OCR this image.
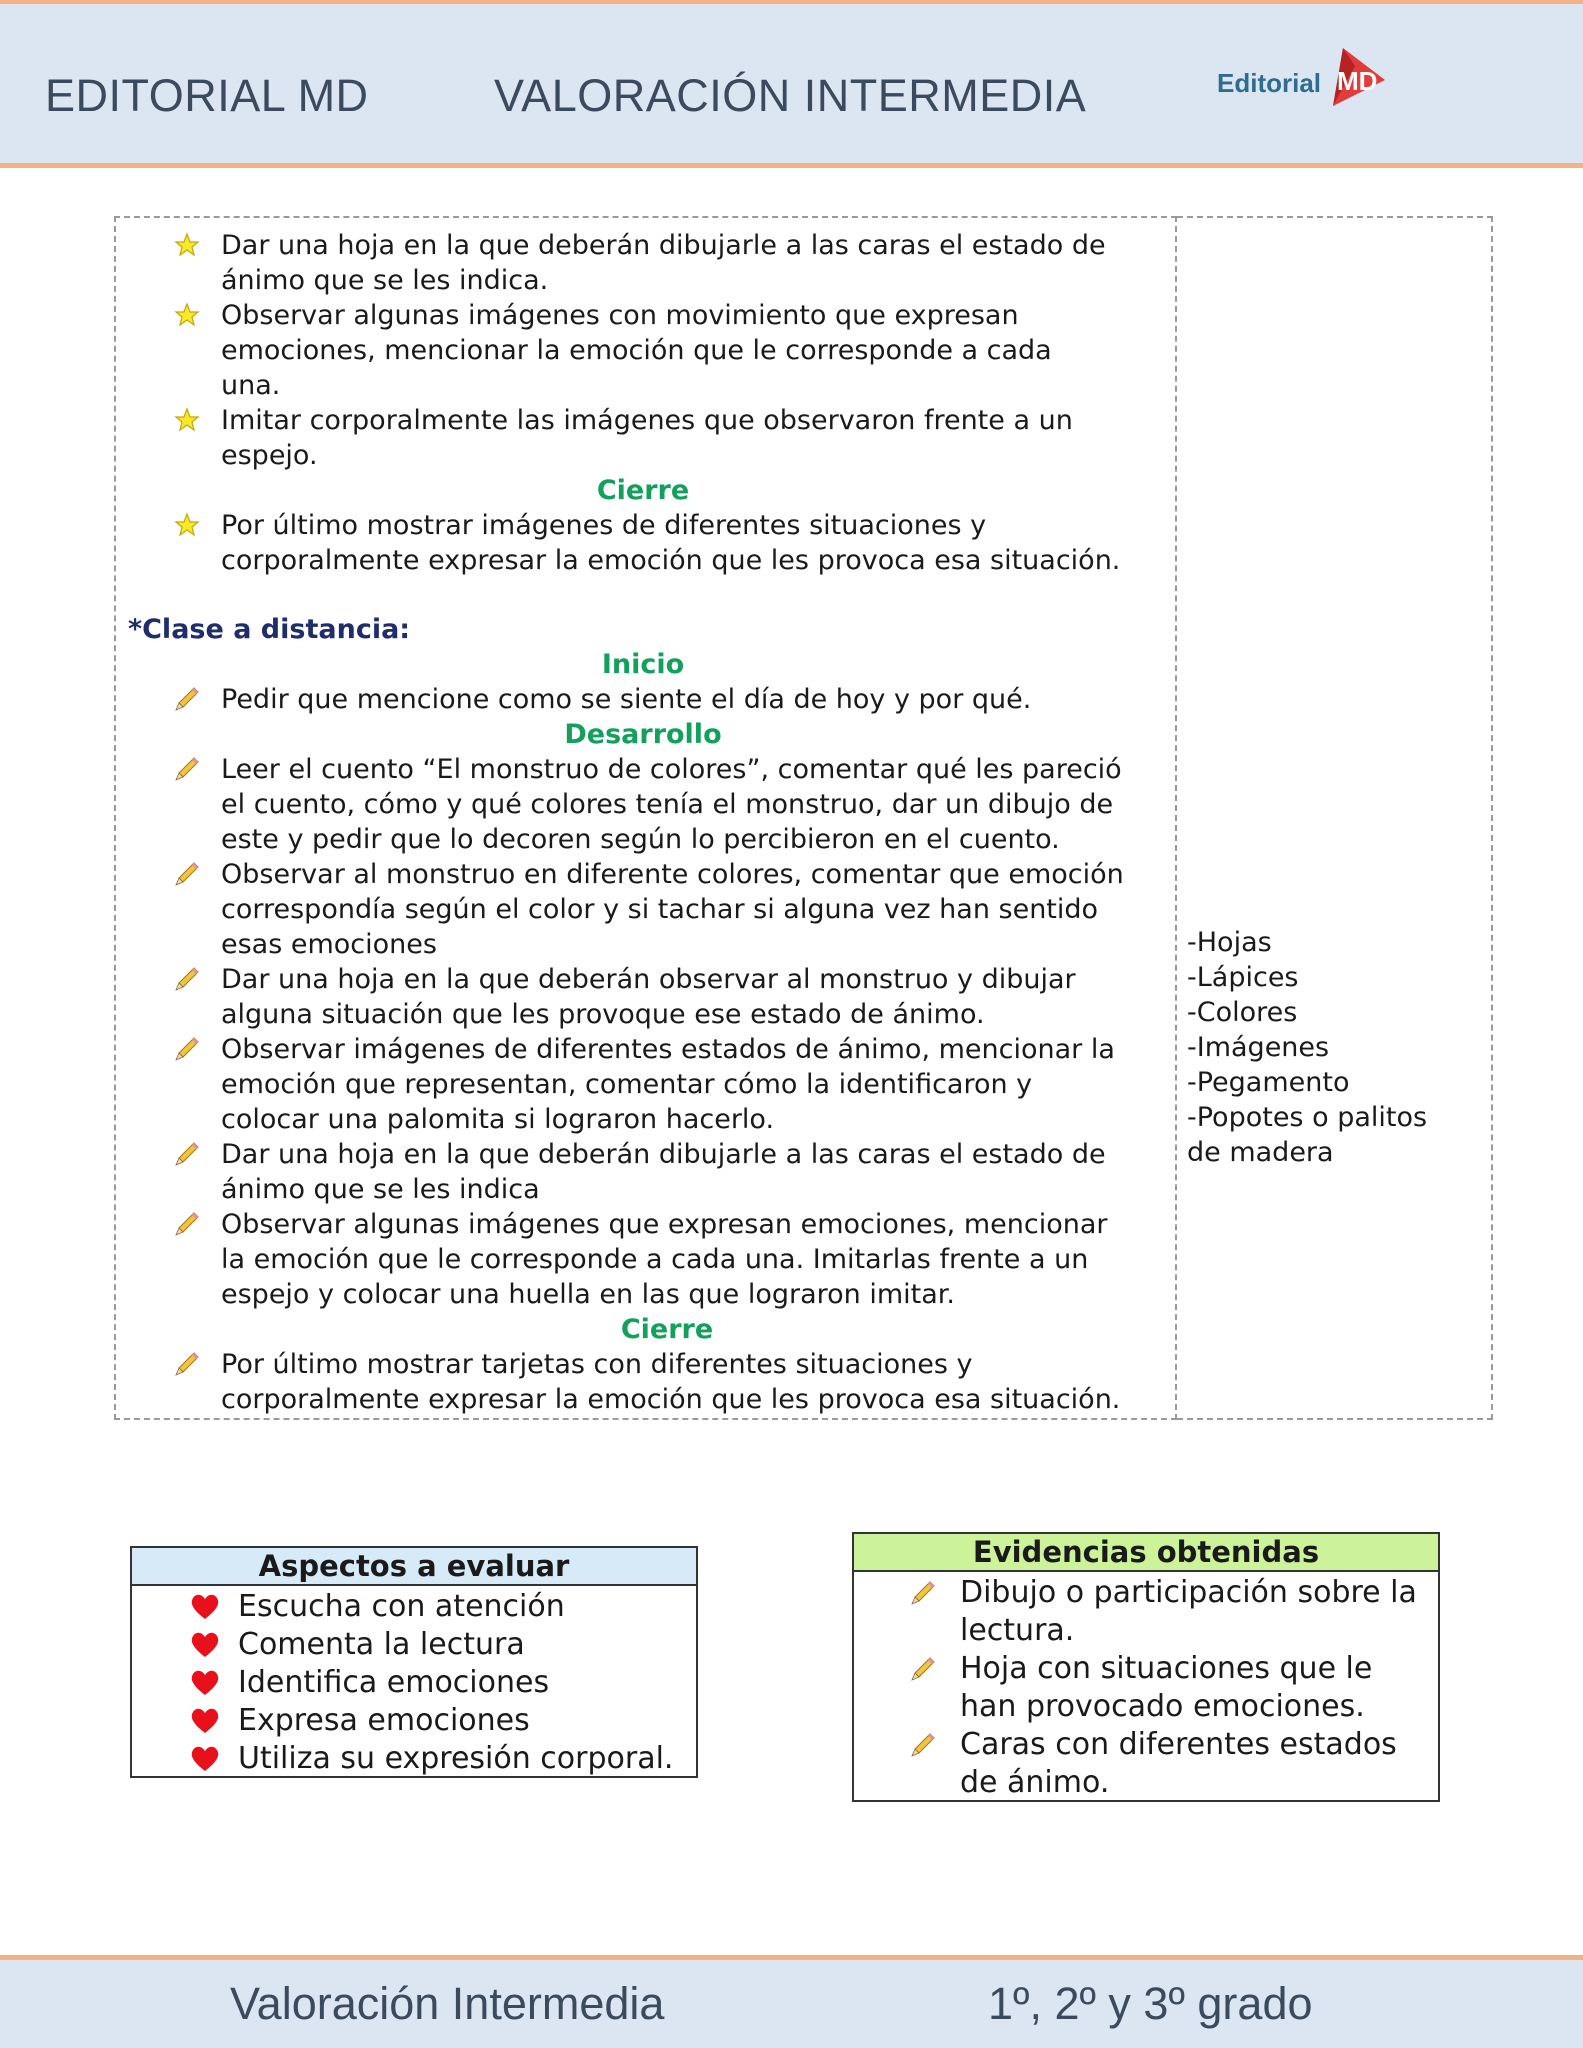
EDITORIAL MD	VALORACIÓN INTERMEDIA	Editorial MD
Dar una hoja en la que deberán dibujarle a las caras el estado de
ánimo que se les indica.
Observar algunas imágenes con movimiento que expresan
emociones, mencionar la emoción que le corresponde a cada
una.
Imitar corporalmente las imágenes que observaron frente a un
espejo.
Cierre
Por último mostrar imágenes de diferentes situaciones y
corporalmente expresar la emoción que les provoca esa situación.
*Clase a distancia:
Inicio
Pedir que mencione como se siente el día de hoy y por qué.
Desarrollo
Leer el cuento “El monstruo de colores”, comentar qué les pareció
el cuento, cómo y qué colores tenía el monstruo, dar un dibujo de
este y pedir que lo decoren según lo percibieron en el cuento.
Observar al monstruo en diferente colores, comentar que emoción
correspondía según el color y si tachar si alguna vez han sentido
esas emociones
Dar una hoja en la que deberán observar al monstruo y dibujar
alguna situación que les provoque ese estado de ánimo.
Observar imágenes de diferentes estados de ánimo, mencionar la
emoción que representan, comentar cómo la identificaron y
colocar una palomita si lograron hacerlo.
Dar una hoja en la que deberán dibujarle a las caras el estado de
ánimo que se les indica
Observar algunas imágenes que expresan emociones, mencionar
la emoción que le corresponde a cada una. Imitarlas frente a un
espejo y colocar una huella en las que lograron imitar.
Cierre
Por último mostrar tarjetas con diferentes situaciones y
corporalmente expresar la emoción que les provoca esa situación.
-Hojas
-Lápices
-Colores
-Imágenes
-Pegamento
-Popotes o palitos
de madera
Aspectos a evaluar
Escucha con atención
Comenta la lectura
Identifica emociones
Expresa emociones
Utiliza su expresión corporal.
Evidencias obtenidas
Dibujo o participación sobre la
lectura.
Hoja con situaciones que le
han provocado emociones.
Caras con diferentes estados
de ánimo.
Valoración Intermedia	1º, 2º y 3º grado
